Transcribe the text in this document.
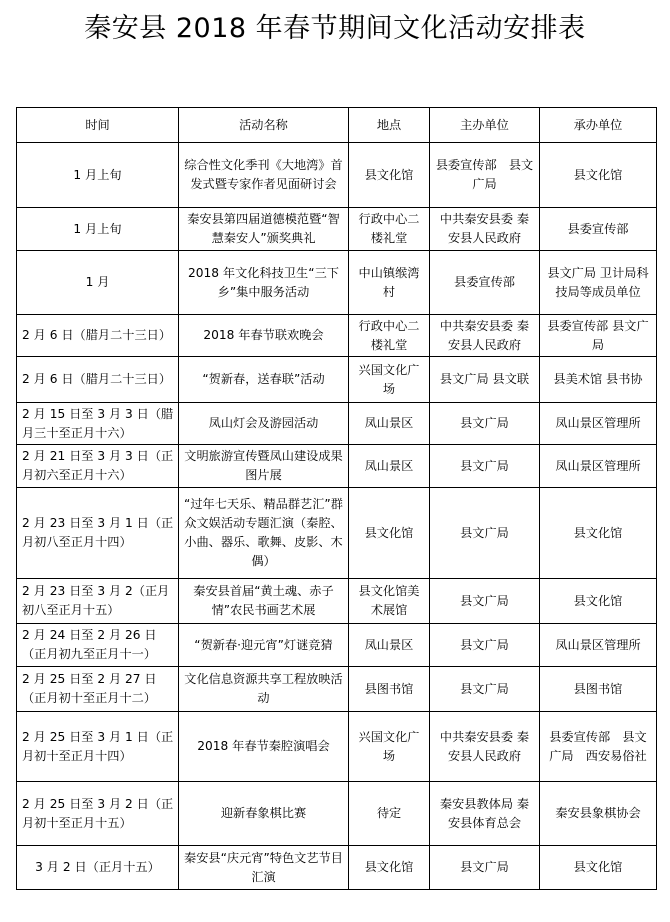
秦安县 2018 年春节期间文化活动安排表
时间	活动名称	地点	主办单位	承办单位
1 月上旬	综合性文化季刊《大地湾》首发式暨专家作者见面研讨会	县文化馆	县委宣传部　县文广局	县文化馆
1 月上旬	秦安县第四届道德模范暨“智慧秦安人”颁奖典礼	行政中心二楼礼堂	中共秦安县委 秦安县人民政府	县委宣传部
1 月	2018 年文化科技卫生“三下乡”集中服务活动	中山镇缑湾村	县委宣传部	县文广局 卫计局科技局等成员单位
2 月 6 日（腊月二十三日）	2018 年春节联欢晚会	行政中心二楼礼堂	中共秦安县委 秦安县人民政府	县委宣传部 县文广局
2 月 6 日（腊月二十三日）	“贺新春，送春联”活动	兴国文化广场	县文广局 县文联	县美术馆 县书协
2 月 15 日至 3 月 3 日（腊月三十至正月十六）	凤山灯会及游园活动	凤山景区	县文广局	凤山景区管理所
2 月 21 日至 3 月 3 日（正月初六至正月十六）	文明旅游宣传暨凤山建设成果图片展	凤山景区	县文广局	凤山景区管理所
2 月 23 日至 3 月 1 日（正月初八至正月十四）	“过年七天乐、精品群艺汇”群众文娱活动专题汇演（秦腔、小曲、器乐、歌舞、皮影、木偶）	县文化馆	县文广局	县文化馆
2 月 23 日至 3 月 2（正月初八至正月十五）	秦安县首届“黄土魂、赤子情”农民书画艺术展	县文化馆美术展馆	县文广局	县文化馆
2 月 24 日至 2 月 26 日（正月初九至正月十一）	“贺新春·迎元宵”灯谜竞猜	凤山景区	县文广局	凤山景区管理所
2 月 25 日至 2 月 27 日（正月初十至正月十二）	文化信息资源共享工程放映活动	县图书馆	县文广局	县图书馆
2 月 25 日至 3 月 1 日（正月初十至正月十四）	2018 年春节秦腔演唱会	兴国文化广场	中共秦安县委 秦安县人民政府	县委宣传部　县文广局　西安易俗社
2 月 25 日至 3 月 2 日（正月初十至正月十五）	迎新春象棋比赛	待定	秦安县教体局 秦安县体育总会	秦安县象棋协会
3 月 2 日（正月十五）	秦安县“庆元宵”特色文艺节目汇演	县文化馆	县文广局	县文化馆
